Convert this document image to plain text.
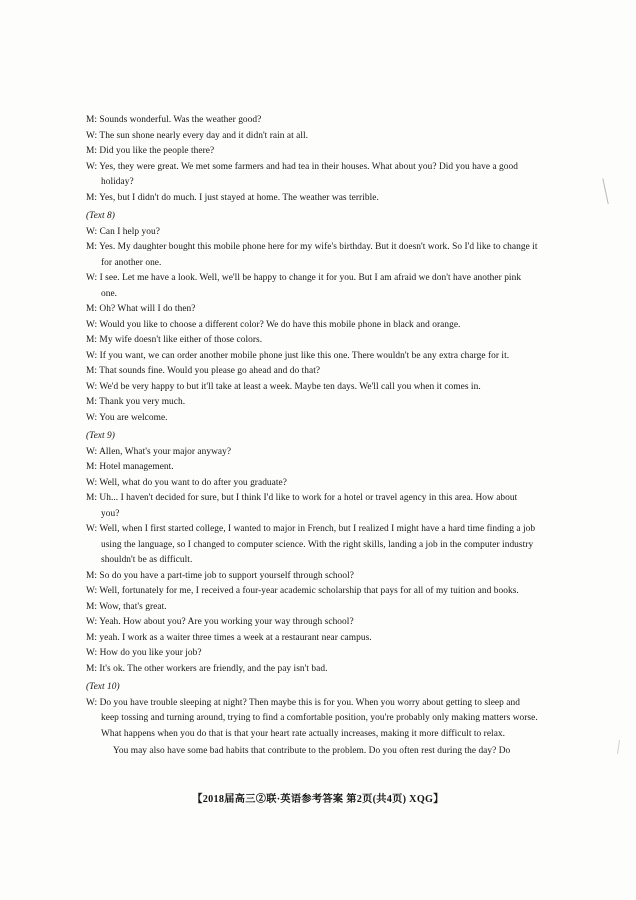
M: Sounds wonderful. Was the weather good?

W: The sun shone nearly every day and it didn't rain at all.

M: Did you like the people there?

W: Yes, they were great. We met some farmers and had tea in their houses. What about you? Did you have a good holiday?

M: Yes, but I didn't do much. I just stayed at home. The weather was terrible.

(Text 8)

W: Can I help you?

M: Yes. My daughter bought this mobile phone here for my wife's birthday. But it doesn't work. So I'd like to change it for another one.

W: I see. Let me have a look. Well, we'll be happy to change it for you. But I am afraid we don't have another pink one.

M: Oh? What will I do then?

W: Would you like to choose a different color? We do have this mobile phone in black and orange.

M: My wife doesn't like either of those colors.

W: If you want, we can order another mobile phone just like this one. There wouldn't be any extra charge for it.

M: That sounds fine. Would you please go ahead and do that?

W: We'd be very happy to but it'll take at least a week. Maybe ten days. We'll call you when it comes in.

M: Thank you very much.

W: You are welcome.

(Text 9)

W: Allen, What's your major anyway?

M: Hotel management.

W: Well, what do you want to do after you graduate?

M: Uh... I haven't decided for sure, but I think I'd like to work for a hotel or travel agency in this area. How about you?

W: Well, when I first started college, I wanted to major in French, but I realized I might have a hard time finding a job using the language, so I changed to computer science. With the right skills, landing a job in the computer industry shouldn't be as difficult.

M: So do you have a part-time job to support yourself through school?

W: Well, fortunately for me, I received a four-year academic scholarship that pays for all of my tuition and books.

M: Wow, that's great.

W: Yeah. How about you? Are you working your way through school?

M: yeah. I work as a waiter three times a week at a restaurant near campus.

W: How do you like your job?

M: It's ok. The other workers are friendly, and the pay isn't bad.

(Text 10)

W: Do you have trouble sleeping at night? Then maybe this is for you. When you worry about getting to sleep and keep tossing and turning around, trying to find a comfortable position, you're probably only making matters worse. What happens when you do that is that your heart rate actually increases, making it more difficult to relax.

You may also have some bad habits that contribute to the problem. Do you often rest during the day? Do

【2018届高三②联·英语参考答案 第2页(共4页) XQG】
